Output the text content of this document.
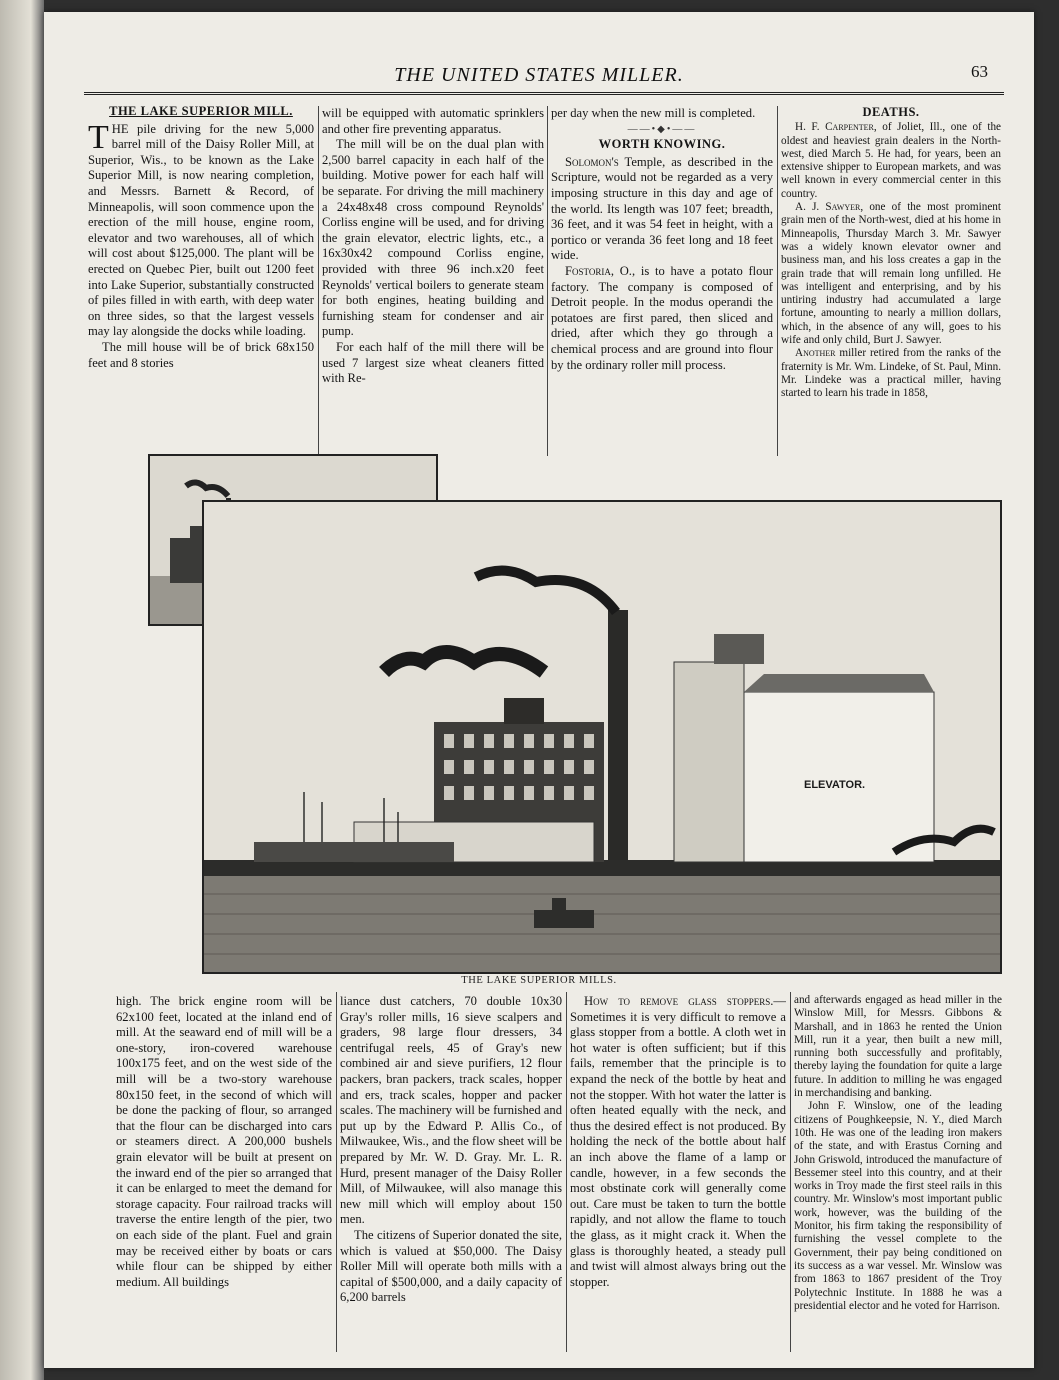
THE UNITED STATES MILLER.	63
THE LAKE SUPERIOR MILL.

THE pile driving for the new 5,000 barrel mill of the Daisy Roller Mill, at Superior, Wis., to be known as the Lake Superior Mill, is now nearing completion, and Messrs. Barnett & Record, of Minneapolis, will soon commence upon the erection of the mill house, engine room, elevator and two warehouses, all of which will cost about $125,000. The plant will be erected on Quebec Pier, built out 1200 feet into Lake Superior, substantially constructed of piles filled in with earth, with deep water on three sides, so that the largest vessels may lay alongside the docks while loading.

The mill house will be of brick 68x150 feet and 8 stories

will be equipped with automatic sprinklers and other fire preventing apparatus.

The mill will be on the dual plan with 2,500 barrel capacity in each half of the building. Motive power for each half will be separate. For driving the mill machinery a 24x48x48 cross compound Reynolds' Corliss engine will be used, and for driving the grain elevator, electric lights, etc., a 16x30x42 compound Corliss engine, provided with three 96 inch.x20 feet Reynolds' vertical boilers to generate steam for both engines, heating building and furnishing steam for condenser and air pump.

For each half of the mill there will be used 7 largest size wheat cleaners fitted with Re-

per day when the new mill is completed.

——•◆•——
WORTH KNOWING.

Solomon's Temple, as described in the Scripture, would not be regarded as a very imposing structure in this day and age of the world. Its length was 107 feet; breadth, 36 feet, and it was 54 feet in height, with a portico or veranda 36 feet long and 18 feet wide.

Fostoria, O., is to have a potato flour factory. The company is composed of Detroit people. In the modus operandi the potatoes are first pared, then sliced and dried, after which they go through a chemical process and are ground into flour by the ordinary roller mill process.

DEATHS.

H. F. Carpenter, of Joliet, Ill., one of the oldest and heaviest grain dealers in the North-west, died March 5. He had, for years, been an extensive shipper to European markets, and was well known in every commercial center in this country.

A. J. Sawyer, one of the most prominent grain men of the North-west, died at his home in Minneapolis, Thursday March 3. Mr. Sawyer was a widely known elevator owner and business man, and his loss creates a gap in the grain trade that will remain long unfilled. He was intelligent and enterprising, and by his untiring industry had accumulated a large fortune, amounting to nearly a million dollars, which, in the absence of any will, goes to his wife and only child, Burt J. Sawyer.

Another miller retired from the ranks of the fraternity is Mr. Wm. Lindeke, of St. Paul, Minn. Mr. Lindeke was a practical miller, having started to learn his trade in 1858,

ELEVATOR.
THE LAKE SUPERIOR MILLS.

high. The brick engine room will be 62x100 feet, located at the inland end of mill. At the seaward end of mill will be a one-story, iron-covered warehouse 100x175 feet, and on the west side of the mill will be a two-story warehouse 80x150 feet, in the second of which will be done the packing of flour, so arranged that the flour can be discharged into cars or steamers direct. A 200,000 bushels grain elevator will be built at present on the inward end of the pier so arranged that it can be enlarged to meet the demand for storage capacity. Four railroad tracks will traverse the entire length of the pier, two on each side of the plant. Fuel and grain may be received either by boats or cars while flour can be shipped by either medium. All buildings

liance dust catchers, 70 double 10x30 Gray's roller mills, 16 sieve scalpers and graders, 98 large flour dressers, 34 centrifugal reels, 45 of Gray's new combined air and sieve purifiers, 12 flour packers, bran packers, track scales, hopper and ers, track scales, hopper and packer scales. The machinery will be furnished and put up by the Edward P. Allis Co., of Milwaukee, Wis., and the flow sheet will be prepared by Mr. W. D. Gray. Mr. L. R. Hurd, present manager of the Daisy Roller Mill, of Milwaukee, will also manage this new mill which will employ about 150 men.

The citizens of Superior donated the site, which is valued at $50,000. The Daisy Roller Mill will operate both mills with a capital of $500,000, and a daily capacity of 6,200 barrels

How to remove glass stoppers.—Sometimes it is very difficult to remove a glass stopper from a bottle. A cloth wet in hot water is often sufficient; but if this fails, remember that the principle is to expand the neck of the bottle by heat and not the stopper. With hot water the latter is often heated equally with the neck, and thus the desired effect is not produced. By holding the neck of the bottle about half an inch above the flame of a lamp or candle, however, in a few seconds the most obstinate cork will generally come out. Care must be taken to turn the bottle rapidly, and not allow the flame to touch the glass, as it might crack it. When the glass is thoroughly heated, a steady pull and twist will almost always bring out the stopper.

and afterwards engaged as head miller in the Winslow Mill, for Messrs. Gibbons & Marshall, and in 1863 he rented the Union Mill, run it a year, then built a new mill, running both successfully and profitably, thereby laying the foundation for quite a large future. In addition to milling he was engaged in merchandising and banking.

John F. Winslow, one of the leading citizens of Poughkeepsie, N. Y., died March 10th. He was one of the leading iron makers of the state, and with Erastus Corning and John Griswold, introduced the manufacture of Bessemer steel into this country, and at their works in Troy made the first steel rails in this country. Mr. Winslow's most important public work, however, was the building of the Monitor, his firm taking the responsibility of furnishing the vessel complete to the Government, their pay being conditioned on its success as a war vessel. Mr. Winslow was from 1863 to 1867 president of the Troy Polytechnic Institute. In 1888 he was a presidential elector and he voted for Harrison.
